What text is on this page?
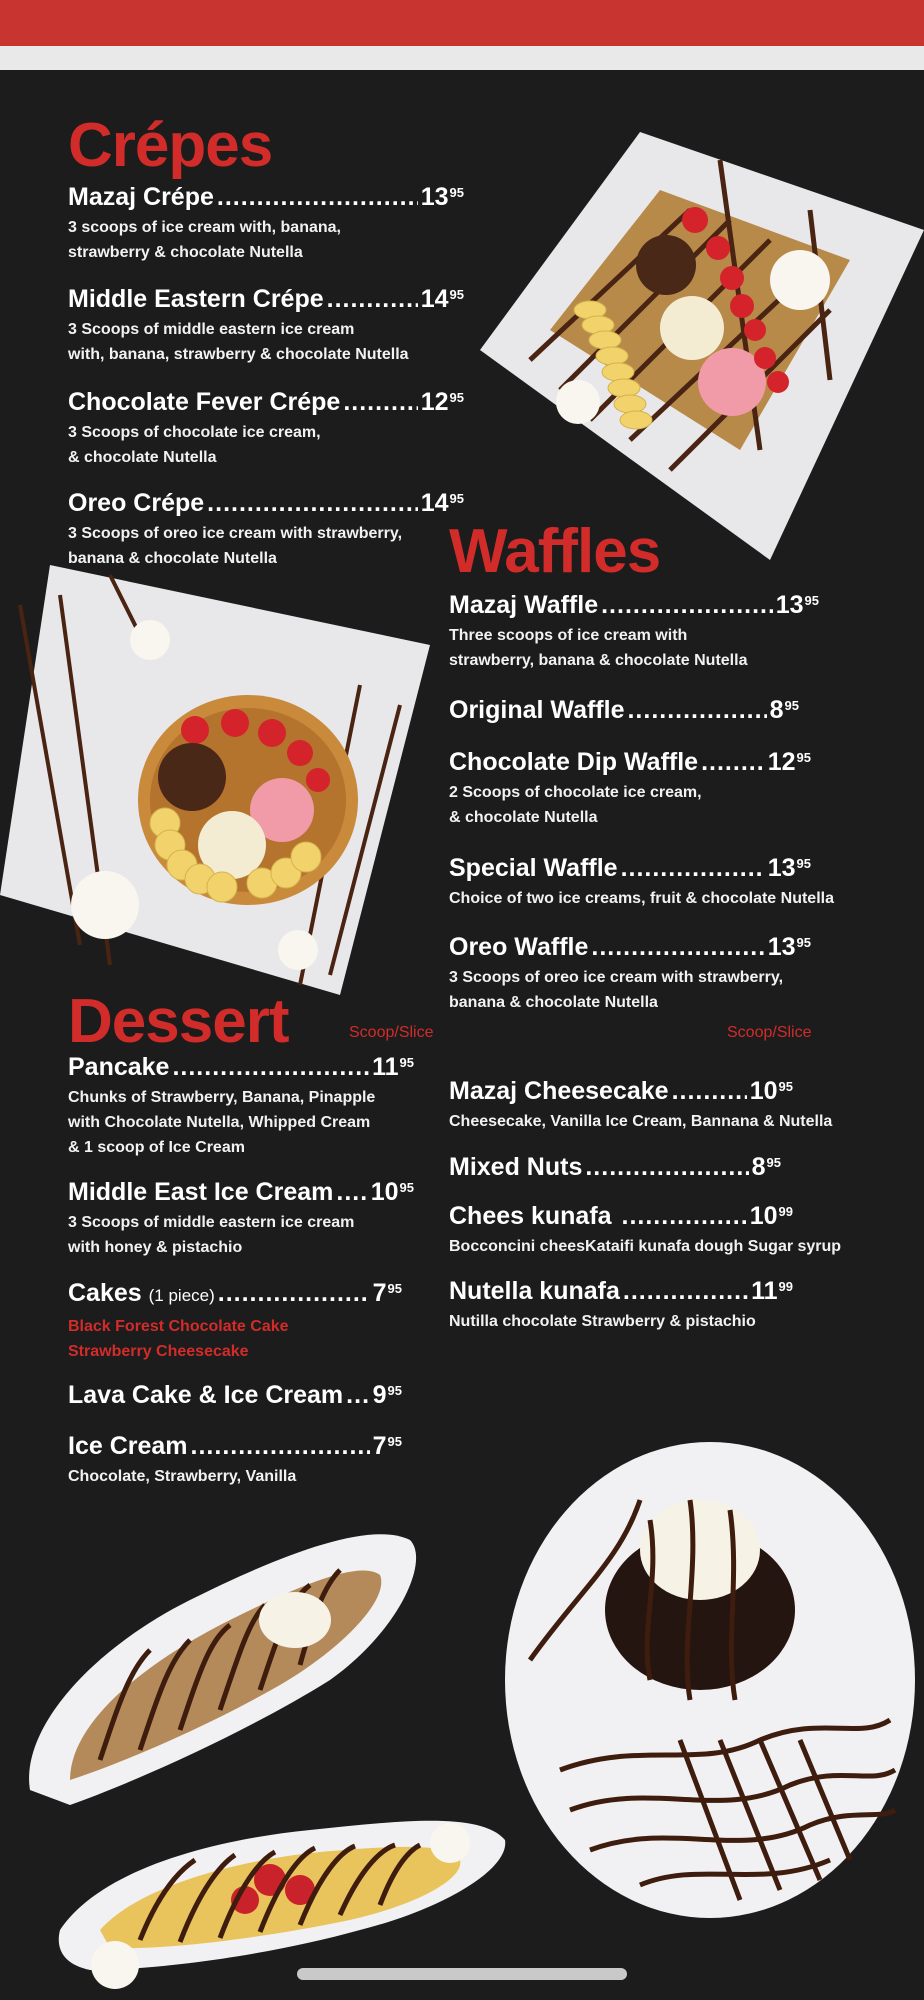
Crépes
Mazaj Crépe .....	$13^{95}$
3 scoops of ice cream with, banana,
strawberry & chocolate Nutella
Middle Eastern Crépe .....	$14^{95}$
3 Scoops of middle eastern ice cream
with, banana, strawberry & chocolate Nutella
Chocolate Fever Crépe .....	$12^{95}$
3 Scoops of chocolate ice cream,
& chocolate Nutella
Oreo Crépe .....	$14^{95}$
3 Scoops of oreo ice cream with strawberry,
banana & chocolate Nutella	Waffles
Mazaj Waffle .....	$13^{95}$
Three scoops of ice cream with
strawberry, banana & chocolate Nutella
Original Waffle .....	$8^{95}$
Chocolate Dip Waffle .....	$12^{95}$
2 Scoops of chocolate ice cream,
& chocolate Nutella
Special Waffle .....	$13^{95}$
Choice of two ice creams, fruit & chocolate Nutella
Oreo Waffle .....	$13^{95}$
3 Scoops of oreo ice cream with strawberry,
banana & chocolate Nutella
Dessert	Scoop/Slice	Scoop/Slice
Pancake .....	$11^{95}$
Chunks of Strawberry, Banana, Pinapple
with Chocolate Nutella, Whipped Cream
& 1 scoop of Ice Cream
Middle East Ice Cream ..... $10^{95}$
3 Scoops of middle eastern ice cream
with honey & pistachio
Cakes (1 piece) .....	$7^{95}$
Black Forest Chocolate Cake
Strawberry Cheesecake
Lava Cake & Ice Cream ..... $9^{95}$
Ice Cream .....	$7^{95}$
Chocolate, Strawberry, Vanilla
Mazaj Cheesecake .....	$10^{95}$
Cheesecake, Vanilla Ice Cream, Bannana & Nutella
Mixed Nuts .....	$8^{95}$
Chees kunafa .....	$10^{99}$
Bocconcini cheesKataifi kunafa dough Sugar syrup
Nutella kunafa .....	$11^{99}$
Nutilla chocolate Strawberry & pistachio
